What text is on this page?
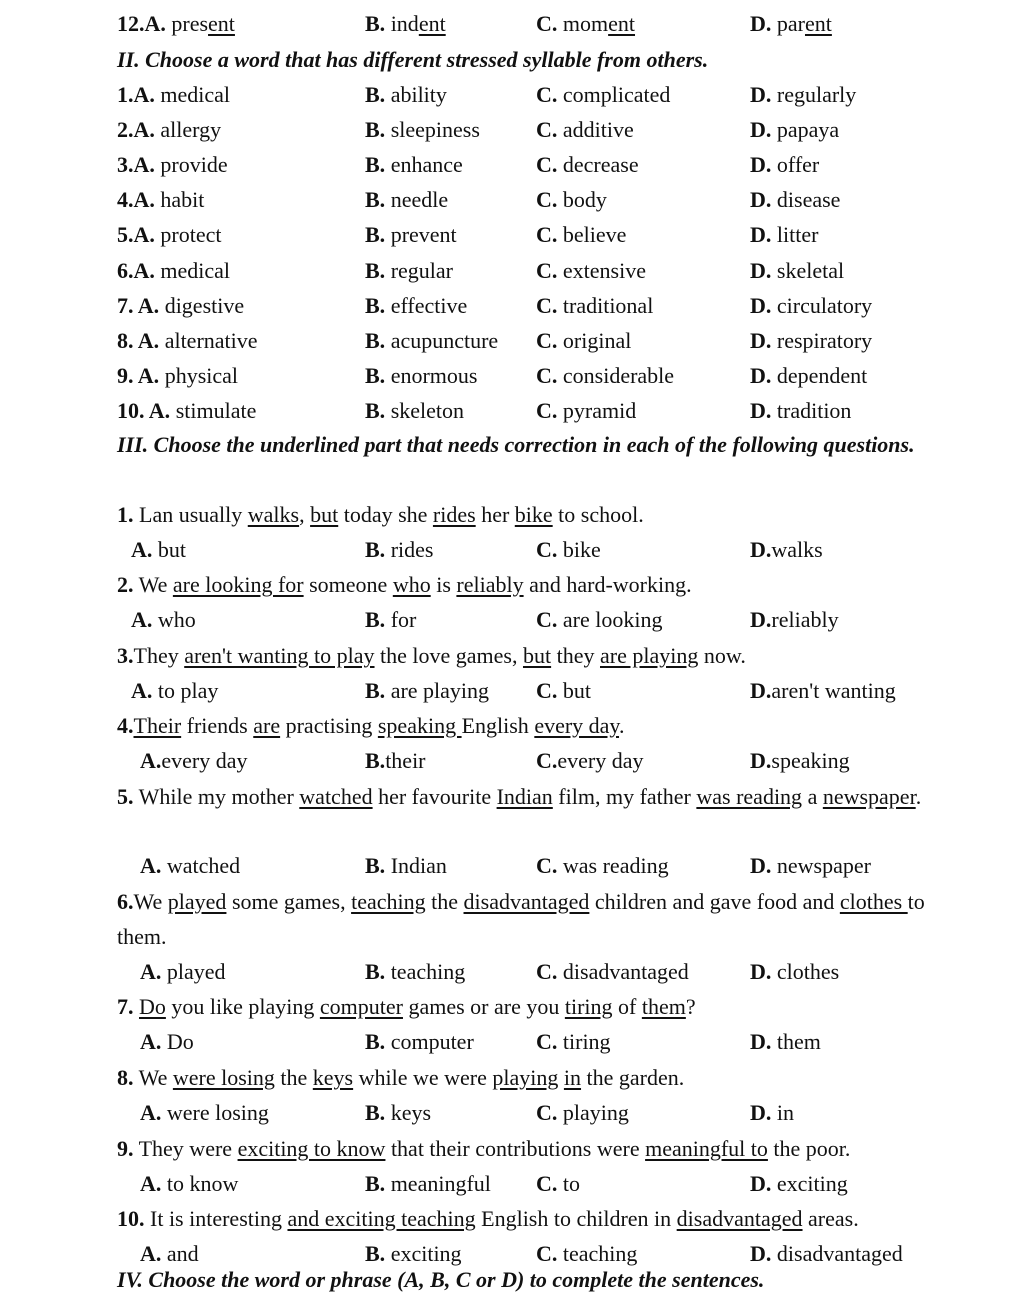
12.A. present	B. indent	C. moment	D. parent
II. Choose a word that has different stressed syllable from others.
1.A. medical	B. ability	C. complicated	D. regularly
2.A. allergy	B. sleepiness	C. additive	D. papaya
3.A. provide	B. enhance	C. decrease	D. offer
4.A. habit	B. needle	C. body	D. disease
5.A. protect	B. prevent	C. believe	D. litter
6.A. medical	B. regular	C. extensive	D. skeletal
7. A. digestive	B. effective	C. traditional	D. circulatory
8. A. alternative	B. acupuncture C. original	D. respiratory
9. A. physical	B. enormous	C. considerable	D. dependent
10. A. stimulate	B. skeleton	C. pyramid	D. tradition
III. Choose the underlined part that needs correction in each of the following questions.
1. Lan usually walks, but today she rides her bike to school.
A. but	B. rides	C. bike	D.walks
2. We are looking for someone who is reliably and hard-working.
A. who	B. for	C. are looking	D.reliably
3.They aren't wanting to play the love games, but they are playing now.
A. to play	B. are playing C. but	D.aren't wanting
4.Their friends are practising speaking English every day.
A.every day	B.their	C.every day	D.speaking
5. While my mother watched her favourite Indian film, my father was reading a newspaper.
A. watched	B. Indian	C. was reading	D. newspaper
6.We played some games, teaching the disadvantaged children and gave food and clothes to them.
A. played	B. teaching	C. disadvantaged	D. clothes
7. Do you like playing computer games or are you tiring of them?
A. Do	B. computer	C. tiring	D. them
8. We were losing the keys while we were playing in the garden.
A. were losing	B. keys	C. playing	D. in
9. They were exciting to know that their contributions were meaningful to the poor.
A. to know	B. meaningful C. to	D. exciting
10. It is interesting and exciting teaching English to children in disadvantaged areas.
A. and	B. exciting	C. teaching	D. disadvantaged
IV. Choose the word or phrase (A, B, C or D) to complete the sentences.
